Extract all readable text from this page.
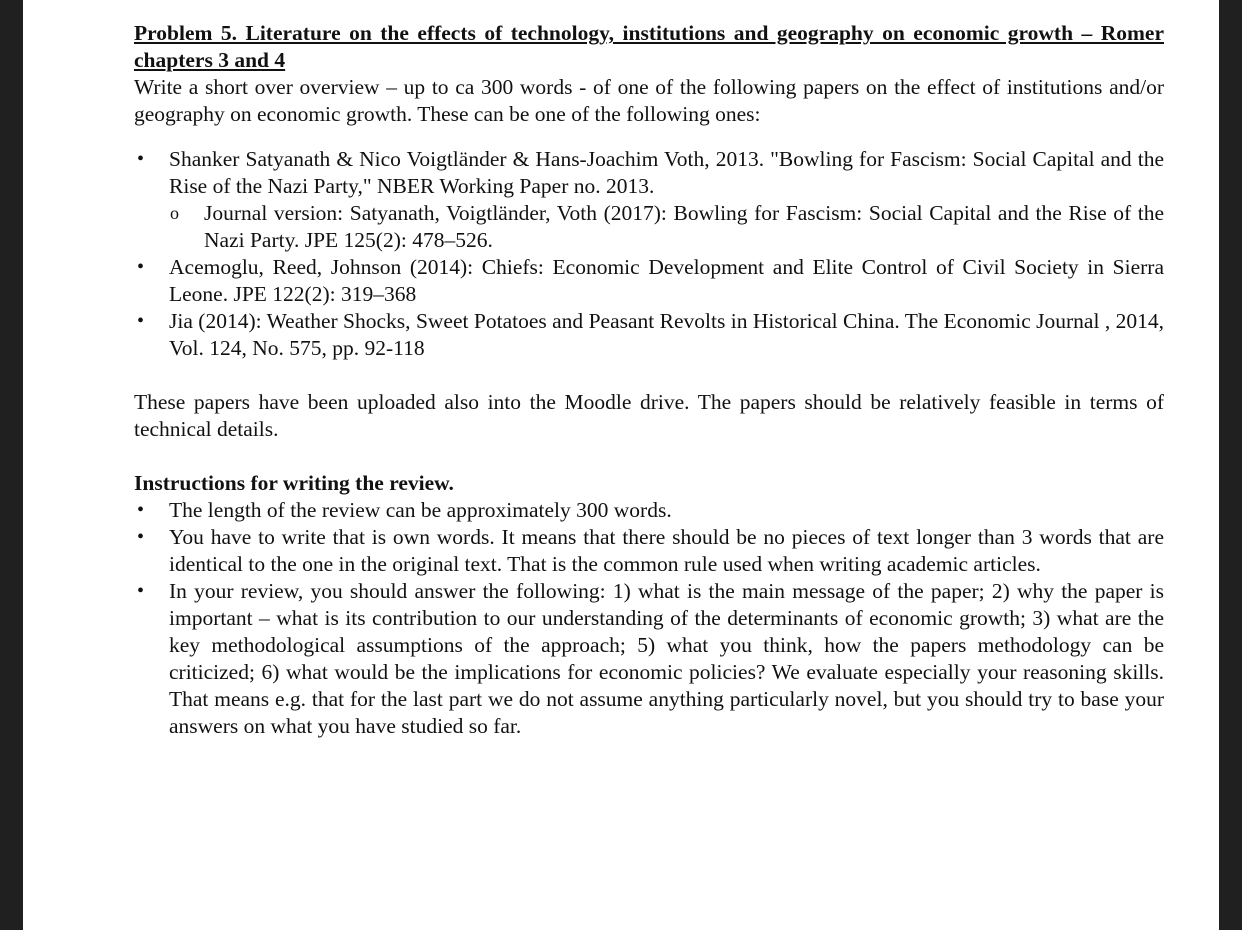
Problem 5. Literature on the effects of technology, institutions and geography on economic growth – Romer chapters 3 and 4
Write a short over overview – up to ca 300 words - of one of the following papers on the effect of institutions and/or geography on economic growth. These can be one of the following ones:
• Shanker Satyanath & Nico Voigtländer & Hans-Joachim Voth, 2013. "Bowling for Fascism: Social Capital and the Rise of the Nazi Party," NBER Working Paper no. 2013.
o Journal version: Satyanath, Voigtländer, Voth (2017): Bowling for Fascism: Social Capital and the Rise of the Nazi Party. JPE 125(2): 478–526.
• Acemoglu, Reed, Johnson (2014): Chiefs: Economic Development and Elite Control of Civil Society in Sierra Leone. JPE 122(2): 319–368
• Jia (2014): Weather Shocks, Sweet Potatoes and Peasant Revolts in Historical China. The Economic Journal , 2014, Vol. 124, No. 575, pp. 92-118
These papers have been uploaded also into the Moodle drive. The papers should be relatively feasible in terms of technical details.
Instructions for writing the review.
• The length of the review can be approximately 300 words.
• You have to write that is own words. It means that there should be no pieces of text longer than 3 words that are identical to the one in the original text. That is the common rule used when writing academic articles.
• In your review, you should answer the following: 1) what is the main message of the paper; 2) why the paper is important – what is its contribution to our understanding of the determinants of economic growth; 3) what are the key methodological assumptions of the approach; 5) what you think, how the papers methodology can be criticized; 6) what would be the implications for economic policies? We evaluate especially your reasoning skills. That means e.g. that for the last part we do not assume anything particularly novel, but you should try to base your answers on what you have studied so far.
